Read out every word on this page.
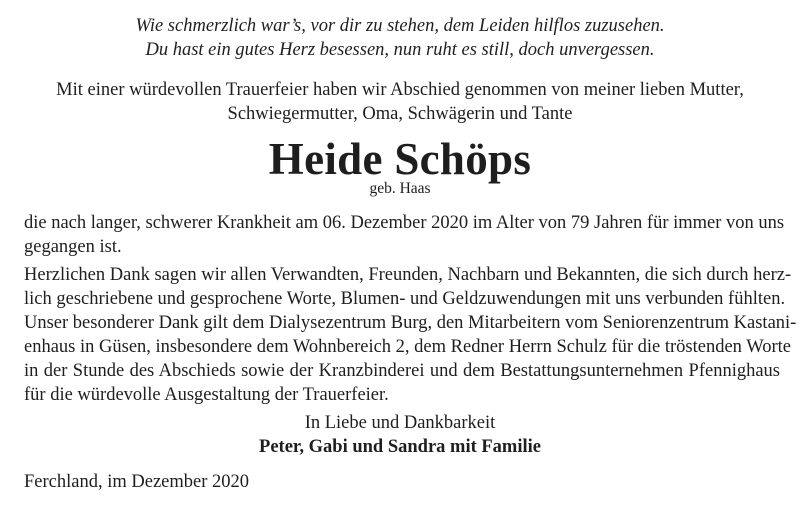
Wie schmerzlich war’s, vor dir zu stehen, dem Leiden hilflos zuzusehen.
Du hast ein gutes Herz besessen, nun ruht es still, doch unvergessen.
Mit einer würdevollen Trauerfeier haben wir Abschied genommen von meiner lieben Mutter,
Schwiegermutter, Oma, Schwägerin und Tante
Heide Schöps
geb. Haas
die nach langer, schwerer Krankheit am 06. Dezember 2020 im Alter von 79 Jahren für immer von uns
gegangen ist.
Herzlichen Dank sagen wir allen Verwandten, Freunden, Nachbarn und Bekannten, die sich durch herz-
lich geschriebene und gesprochene Worte, Blumen- und Geldzuwendungen mit uns verbunden fühlten.
Unser besonderer Dank gilt dem Dialysezentrum Burg, den Mitarbeitern vom Seniorenzentrum Kastani-
enhaus in Güsen, insbesondere dem Wohnbereich 2, dem Redner Herrn Schulz für die tröstenden Worte
in der Stunde des Abschieds sowie der Kranzbinderei und dem Bestattungsunternehmen Pfennighaus
für die würdevolle Ausgestaltung der Trauerfeier.
In Liebe und Dankbarkeit
Peter, Gabi und Sandra mit Familie
Ferchland, im Dezember 2020
